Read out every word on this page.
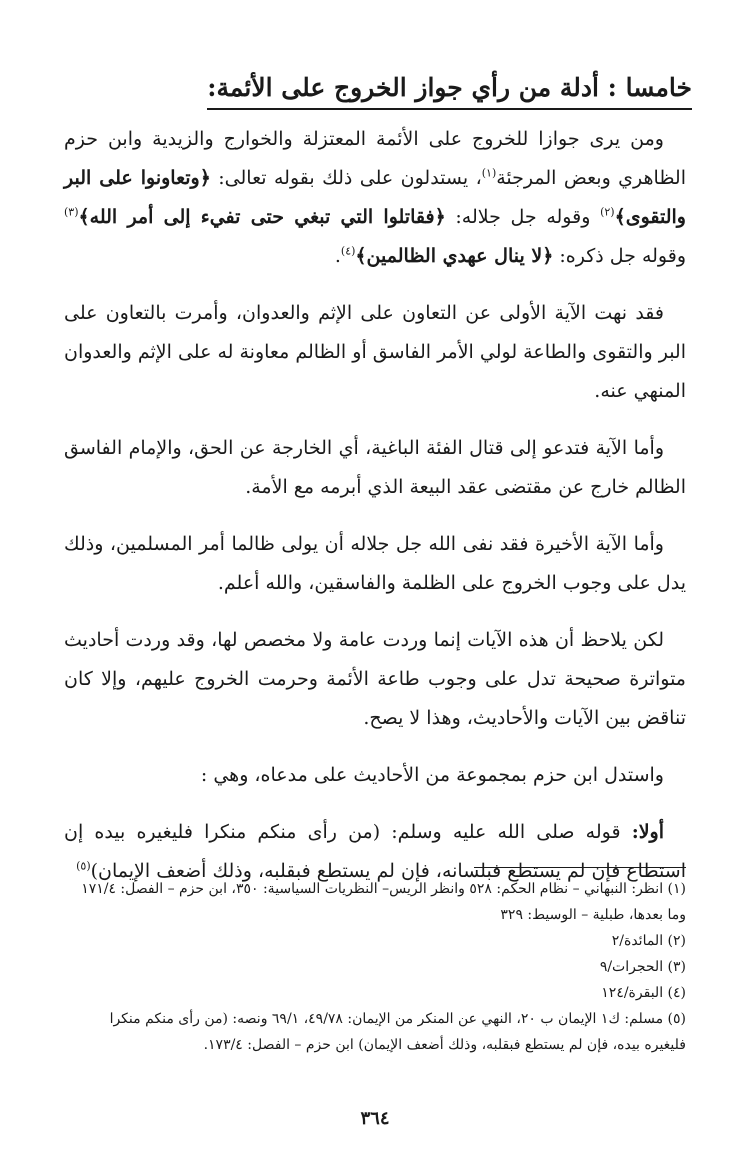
خامسا : أدلة من رأي جواز الخروج على الأئمة:

ومن يرى جوازا للخروج على الأئمة المعتزلة والخوارج والزيدية وابن حزم الظاهري وبعض المرجئة$^{(١)}$، يستدلون على ذلك بقوله تعالى: ﴿وتعاونوا على البر والتقوى﴾$^{(٢)}$ وقوله جل جلاله: ﴿فقاتلوا التي تبغي حتى تفيء إلى أمر الله﴾$^{(٣)}$ وقوله جل ذكره: ﴿لا ينال عهدي الظالمين﴾$^{(٤)}$.

فقد نهت الآية الأولى عن التعاون على الإثم والعدوان، وأمرت بالتعاون على البر والتقوى والطاعة لولي الأمر الفاسق أو الظالم معاونة له على الإثم والعدوان المنهي عنه.

وأما الآية فتدعو إلى قتال الفئة الباغية، أي الخارجة عن الحق، والإمام الفاسق الظالم خارج عن مقتضى عقد البيعة الذي أبرمه مع الأمة.

وأما الآية الأخيرة فقد نفى الله جل جلاله أن يولى ظالما أمر المسلمين، وذلك يدل على وجوب الخروج على الظلمة والفاسقين، والله أعلم.

لكن يلاحظ أن هذه الآيات إنما وردت عامة ولا مخصص لها، وقد وردت أحاديث متواترة صحيحة تدل على وجوب طاعة الأئمة وحرمت الخروج عليهم، وإلا كان تناقض بين الآيات والأحاديث، وهذا لا يصح.

واستدل ابن حزم بمجموعة من الأحاديث على مدعاه، وهي :

أولا: قوله صلى الله عليه وسلم: (من رأى منكم منكرا فليغيره بيده إن استطاع فإن لم يستطع فبلسانه، فإن لم يستطع فبقلبه، وذلك أضعف الإيمان)$^{(٥)}$

(١) انظر: النبهاني – نظام الحكم: ٥٢٨ وانظر الريس– النظريات السياسية: ٣٥٠، ابن حزم – الفصل: ١٧١/٤ وما بعدها، طبلية – الوسيط: ٣٢٩
(٢) المائدة/٢
(٣) الحجرات/٩
(٤) البقرة/١٢٤
(٥) مسلم: ك١ الإيمان ب ٢٠، النهي عن المنكر من الإيمان: ٤٩/٧٨، ٦٩/١ ونصه: (من رأى منكم منكرا فليغيره بيده، فإن لم يستطع فبقلبه، وذلك أضعف الإيمان) ابن حزم – الفصل: ١٧٣/٤.
٣٦٤
